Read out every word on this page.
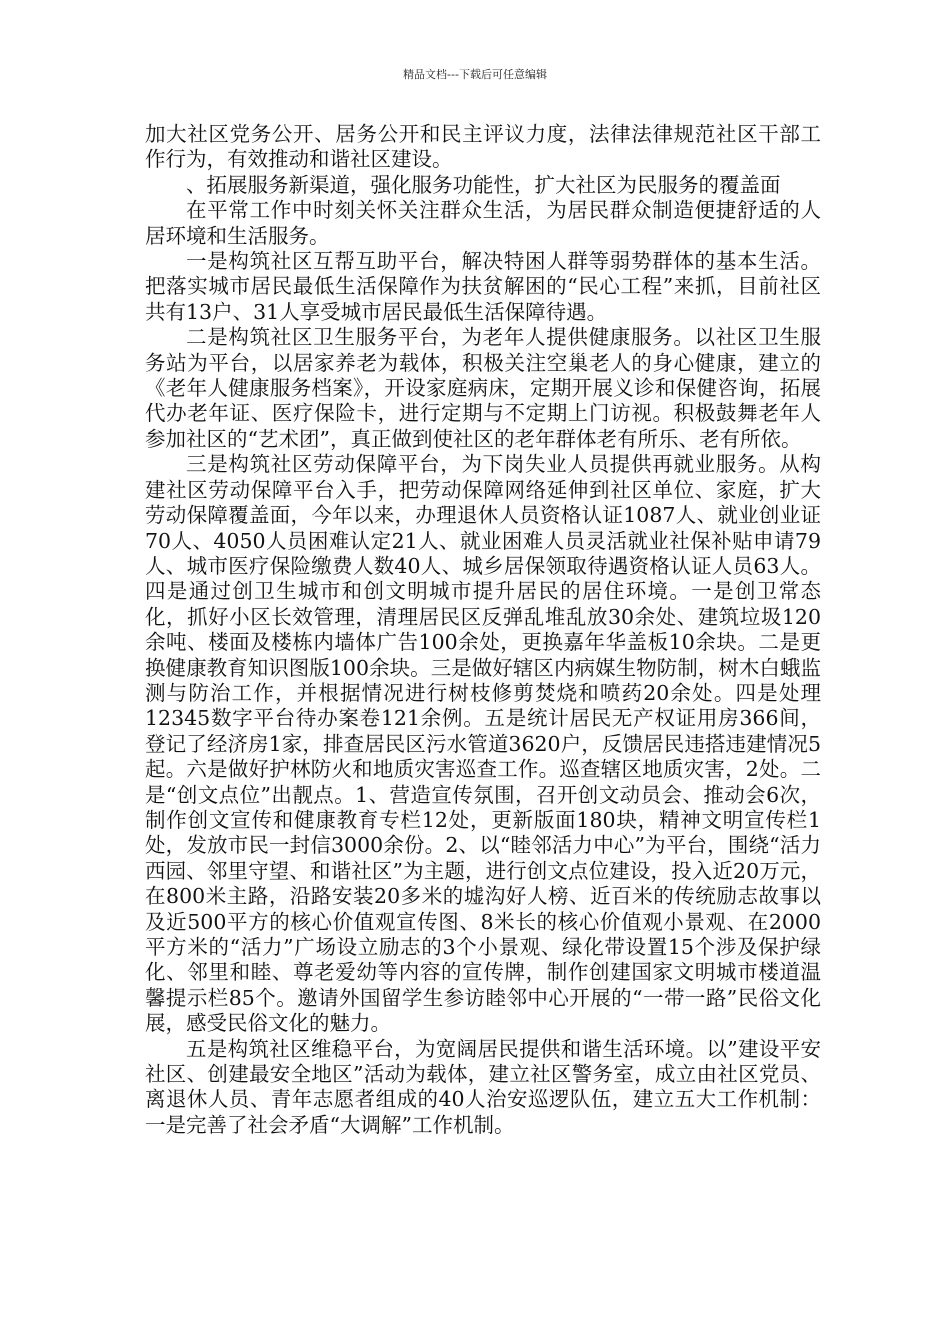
精品文档---下载后可任意编辑

加大社区党务公开、居务公开和民主评议力度，法律法律规范社区干部工作行为，有效推动和谐社区建设。

、拓展服务新渠道，强化服务功能性，扩大社区为民服务的覆盖面

在平常工作中时刻关怀关注群众生活，为居民群众制造便捷舒适的人居环境和生活服务。

一是构筑社区互帮互助平台，解决特困人群等弱势群体的基本生活。把落实城市居民最低生活保障作为扶贫解困的“民心工程”来抓，目前社区共有13户、31人享受城市居民最低生活保障待遇。

二是构筑社区卫生服务平台，为老年人提供健康服务。以社区卫生服务站为平台，以居家养老为载体，积极关注空巢老人的身心健康，建立的《老年人健康服务档案》，开设家庭病床，定期开展义诊和保健咨询，拓展代办老年证、医疗保险卡，进行定期与不定期上门访视。积极鼓舞老年人参加社区的“艺术团”，真正做到使社区的老年群体老有所乐、老有所依。

三是构筑社区劳动保障平台，为下岗失业人员提供再就业服务。从构建社区劳动保障平台入手，把劳动保障网络延伸到社区单位、家庭，扩大劳动保障覆盖面，今年以来，办理退休人员资格认证1087人、就业创业证70人、4050人员困难认定21人、就业困难人员灵活就业社保补贴申请79人、城市医疗保险缴费人数40人、城乡居保领取待遇资格认证人员63人。四是通过创卫生城市和创文明城市提升居民的居住环境。一是创卫常态化，抓好小区长效管理，清理居民区反弹乱堆乱放30余处、建筑垃圾120余吨、楼面及楼栋内墙体广告100余处，更换嘉年华盖板10余块。二是更换健康教育知识图版100余块。三是做好辖区内病媒生物防制，树木白蛾监测与防治工作，并根据情况进行树枝修剪焚烧和喷药20余处。四是处理12345数字平台待办案卷121余例。五是统计居民无产权证用房366间，登记了经济房1家，排查居民区污水管道3620户，反馈居民违搭违建情况5起。六是做好护林防火和地质灾害巡查工作。巡查辖区地质灾害，2处。二是“创文点位”出靓点。1、营造宣传氛围，召开创文动员会、推动会6次，制作创文宣传和健康教育专栏12处，更新版面180块，精神文明宣传栏1处，发放市民一封信3000余份。2、以“睦邻活力中心”为平台，围绕“活力西园、邻里守望、和谐社区”为主题，进行创文点位建设，投入近20万元，在800米主路，沿路安装20多米的墟沟好人榜、近百米的传统励志故事以及近500平方的核心价值观宣传图、8米长的核心价值观小景观、在2000平方米的“活力”广场设立励志的3个小景观、绿化带设置15个涉及保护绿化、邻里和睦、尊老爱幼等内容的宣传牌，制作创建国家文明城市楼道温馨提示栏85个。邀请外国留学生参访睦邻中心开展的“一带一路”民俗文化展，感受民俗文化的魅力。

五是构筑社区维稳平台，为宽阔居民提供和谐生活环境。以”建设平安社区、创建最安全地区”活动为载体，建立社区警务室，成立由社区党员、离退休人员、青年志愿者组成的40人治安巡逻队伍，建立五大工作机制：一是完善了社会矛盾“大调解”工作机制。
